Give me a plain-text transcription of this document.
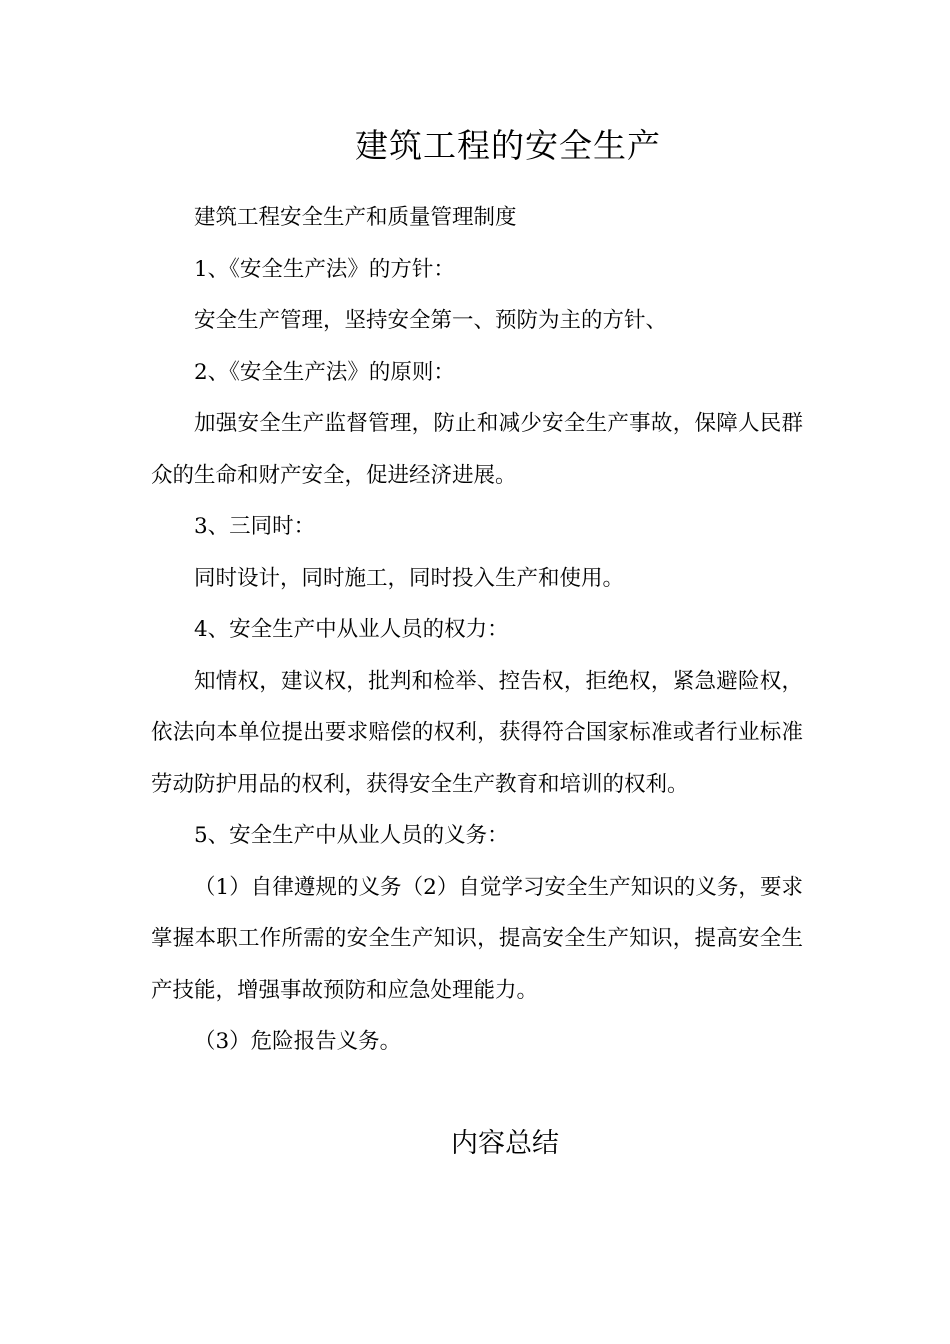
建筑工程的安全生产

建筑工程安全生产和质量管理制度

1、《安全生产法》的方针：

安全生产管理，坚持安全第一、预防为主的方针、

2、《安全生产法》的原则：

加强安全生产监督管理，防止和减少安全生产事故，保障人民群众的生命和财产安全，促进经济进展。

3、三同时：

同时设计，同时施工，同时投入生产和使用。

4、安全生产中从业人员的权力：

知情权，建议权，批判和检举、控告权，拒绝权，紧急避险权，依法向本单位提出要求赔偿的权利，获得符合国家标准或者行业标准劳动防护用品的权利，获得安全生产教育和培训的权利。

5、安全生产中从业人员的义务：

（1）自律遵规的义务（2）自觉学习安全生产知识的义务，要求掌握本职工作所需的安全生产知识，提高安全生产知识，提高安全生产技能，增强事故预防和应急处理能力。

（3）危险报告义务。

内容总结
